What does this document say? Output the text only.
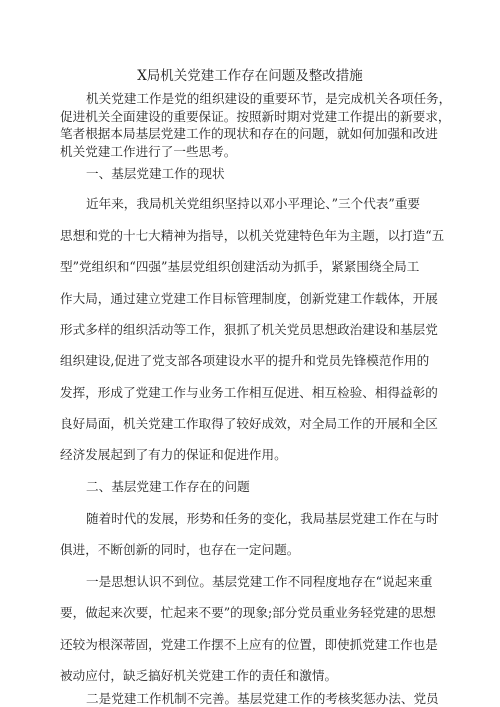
X局机关党建工作存在问题及整改措施
机关党建工作是党的组织建设的重要环节，是完成机关各项任务，
促进机关全面建设的重要保证。按照新时期对党建工作提出的新要求，
笔者根据本局基层党建工作的现状和存在的问题，就如何加强和改进
机关党建工作进行了一些思考。
一、基层党建工作的现状
近年来，我局机关党组织坚持以邓小平理论、”三个代表”重要
思想和党的十七大精神为指导，以机关党建特色年为主题，以打造“五
型”党组织和“四强”基层党组织创建活动为抓手，紧紧围绕全局工
作大局，通过建立党建工作目标管理制度，创新党建工作载体，开展
形式多样的组织活动等工作，狠抓了机关党员思想政治建设和基层党
组织建设,促进了党支部各项建设水平的提升和党员先锋模范作用的
发挥，形成了党建工作与业务工作相互促进、相互检验、相得益彰的
良好局面，机关党建工作取得了较好成效，对全局工作的开展和全区
经济发展起到了有力的保证和促进作用。
二、基层党建工作存在的问题
随着时代的发展，形势和任务的变化，我局基层党建工作在与时
俱进，不断创新的同时，也存在一定问题。
一是思想认识不到位。基层党建工作不同程度地存在“说起来重
要，做起来次要，忙起来不要”的现象;部分党员重业务轻党建的思想
还较为根深蒂固，党建工作摆不上应有的位置，即使抓党建工作也是
被动应付，缺乏搞好机关党建工作的责任和激情。
二是党建工作机制不完善。基层党建工作的考核奖惩办法、党员
